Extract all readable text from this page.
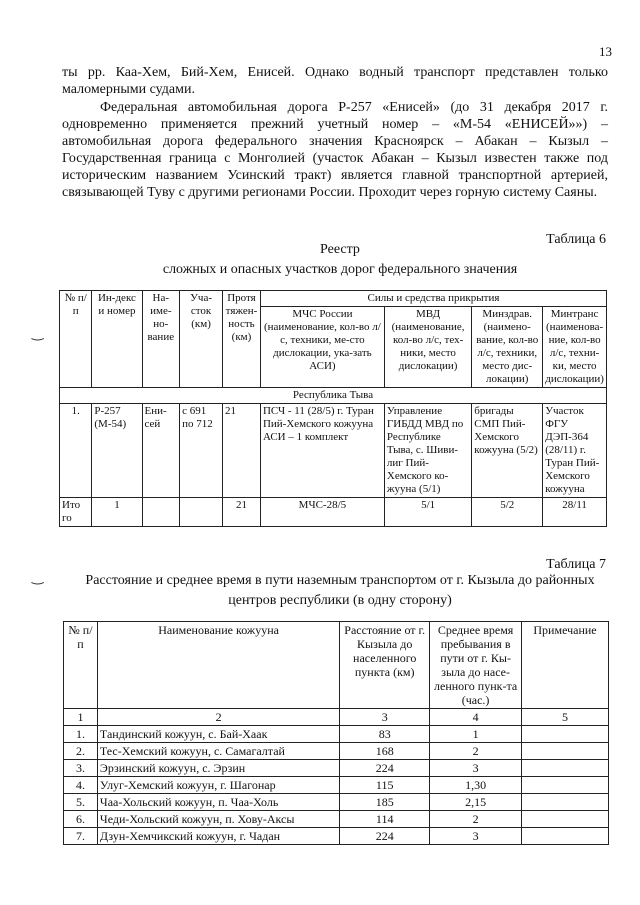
13

ты рр. Каа-Хем, Бий-Хем, Енисей. Однако водный транспорт представлен только маломерными судами.

Федеральная автомобильная дорога Р-257 «Енисей» (до 31 декабря 2017 г. одновременно применяется прежний учетный номер – «М-54 «ЕНИСЕЙ»») – автомобильная дорога федерального значения Красноярск – Абакан – Кызыл – Государственная граница с Монголией (участок Абакан – Кызыл известен также под историческим названием Усинский тракт) является главной транспортной артерией, связывающей Туву с другими регионами России. Проходит через горную систему Саяны.

Таблица 6
Реестр
сложных и опасных участков дорог федерального значения
‿
№ п/п	Ин-декс и номер	На-име-но-вание	Уча-сток (км)	Протя тяжен-ность (км)	Силы и средства прикрытия			
					МЧС России (наименование, кол-во л/с, техники, ме-сто дислокации, ука-зать АСИ)	МВД (наименование, кол-во л/с, тех-ники, место дислокации)	Минздрав. (наимено-вание, кол-во л/с, техники, место дис-локации)	Минтранс (наименова-ние, кол-во л/с, техни-ки, место дислокации)
Республика Тыва								
1.	Р-257 (М-54)	Ени-сей	с 691 по 712	21	ПСЧ - 11 (28/5) г. Туран Пий-Хемского кожууна АСИ – 1 комплект	Управление ГИБДД МВД по Республике Тыва, с. Шиви-лиг Пий-Хемского ко-жууна (5/1)	бригады СМП Пий-Хемского кожууна (5/2)	Участок ФГУ ДЭП-364 (28/11) г. Туран Пий-Хемского кожууна
Ито го	1			21	МЧС-28/5	5/1	5/2	28/11
Таблица 7
‿	Расстояние и среднее время в пути наземным транспортом от г. Кызыла до районных центров республики (в одну сторону)

№ п/п	Наименование кожууна	Расстояние от г. Кызыла до населенного пункта (км)	Среднее время пребывания в пути от г. Кы-зыла до насе-ленного пунк-та (час.)	Примечание
1	2	3	4	5
1.	Тандинский кожуун, с. Бай-Хаак	83	1	
2.	Тес-Хемский кожуун, с. Самагалтай	168	2	
3.	Эрзинский кожуун, с. Эрзин	224	3	
4.	Улуг-Хемский кожуун, г. Шагонар	115	1,30	
5.	Чаа-Хольский кожуун, п. Чаа-Холь	185	2,15	
6.	Чеди-Хольский кожуун, п. Хову-Аксы	114	2	
7.	Дзун-Хемчикский кожуун, г. Чадан	224	3	
